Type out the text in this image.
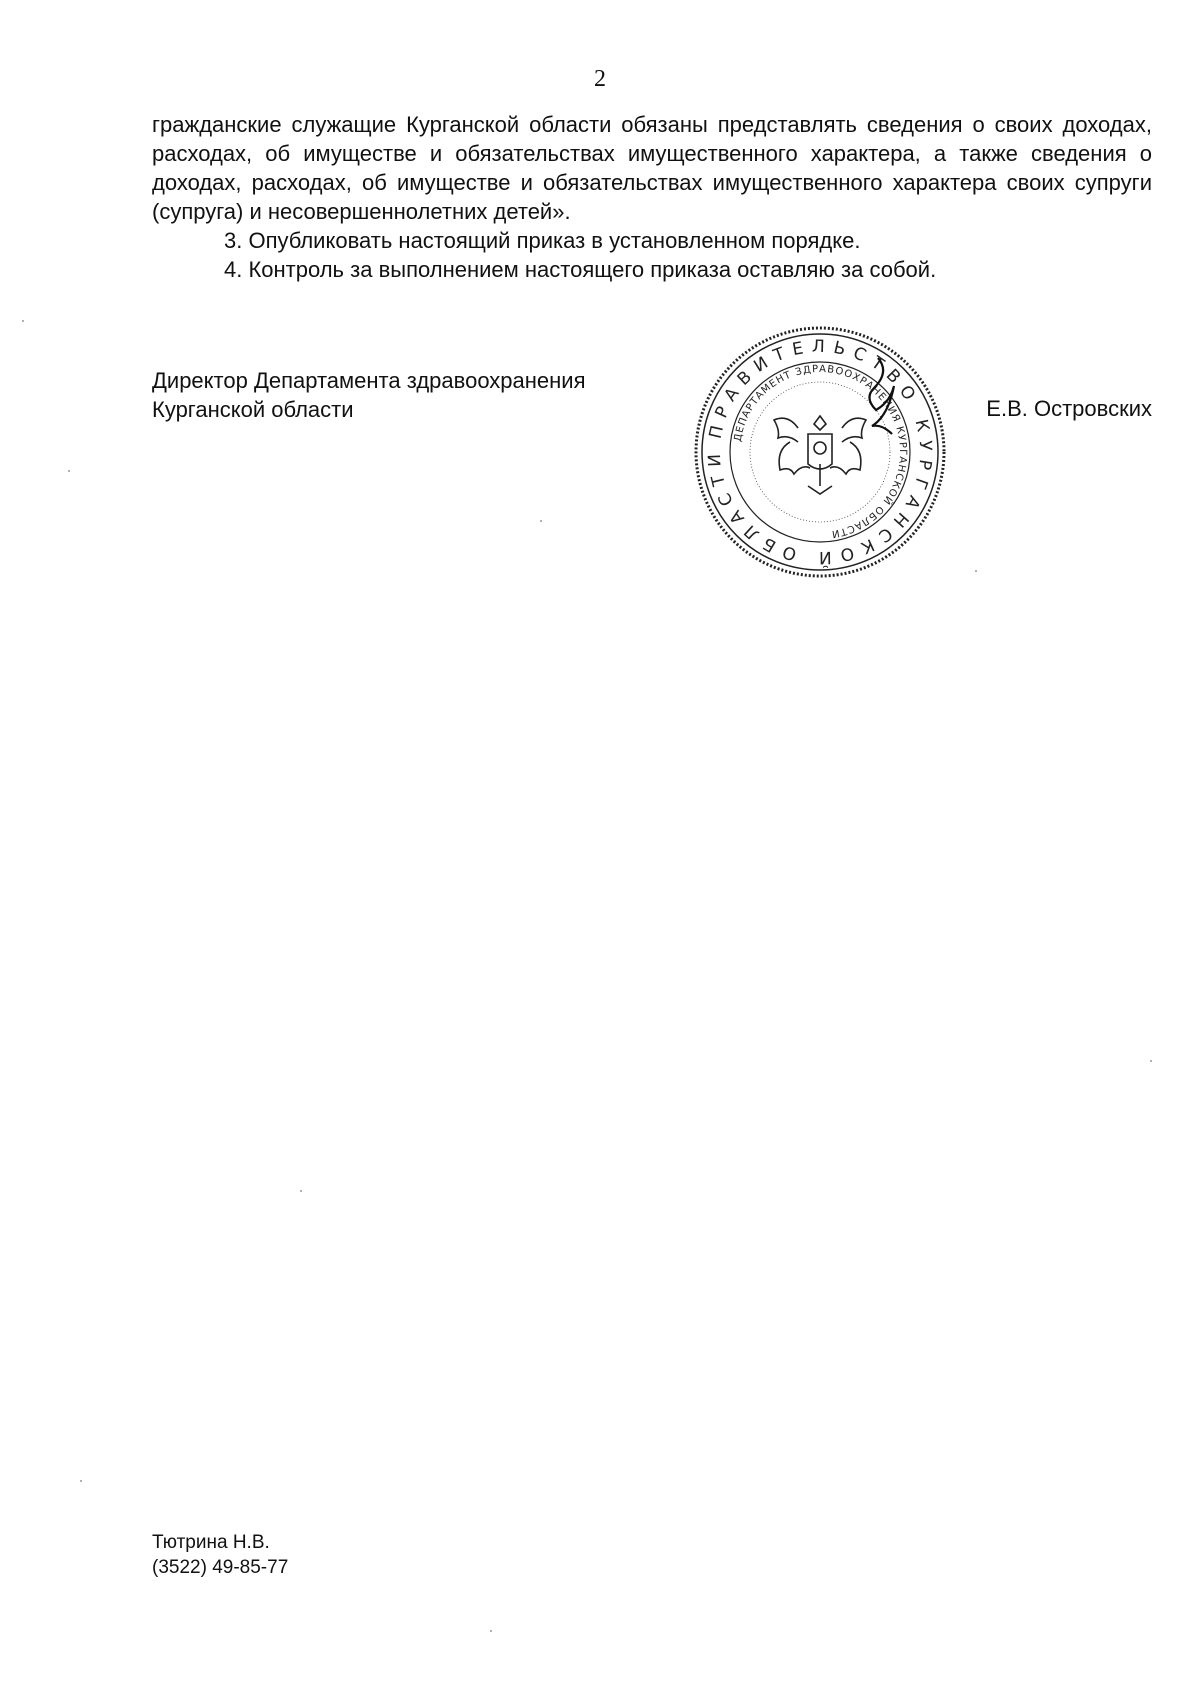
2

гражданские служащие Курганской области обязаны представлять сведения о своих доходах, расходах, об имуществе и обязательствах имущественного характера, а также сведения о доходах, расходах, об имуществе и обязательствах имущественного характера своих супруги (супруга) и несовершеннолетних детей».

3. Опубликовать настоящий приказ в установленном порядке.

4. Контроль за выполнением настоящего приказа оставляю за собой.

Директор Департамента здравоохранения
Курганской области
ПРАВИТЕЛЬСТВО КУРГАНСКОЙ ОБЛАСТИ
ДЕПАРТАМЕНТ ЗДРАВООХРАНЕНИЯ КУРГАНСКОЙ ОБЛАСТИ
Е.В. Островских
Тютрина Н.В.
(3522) 49-85-77
